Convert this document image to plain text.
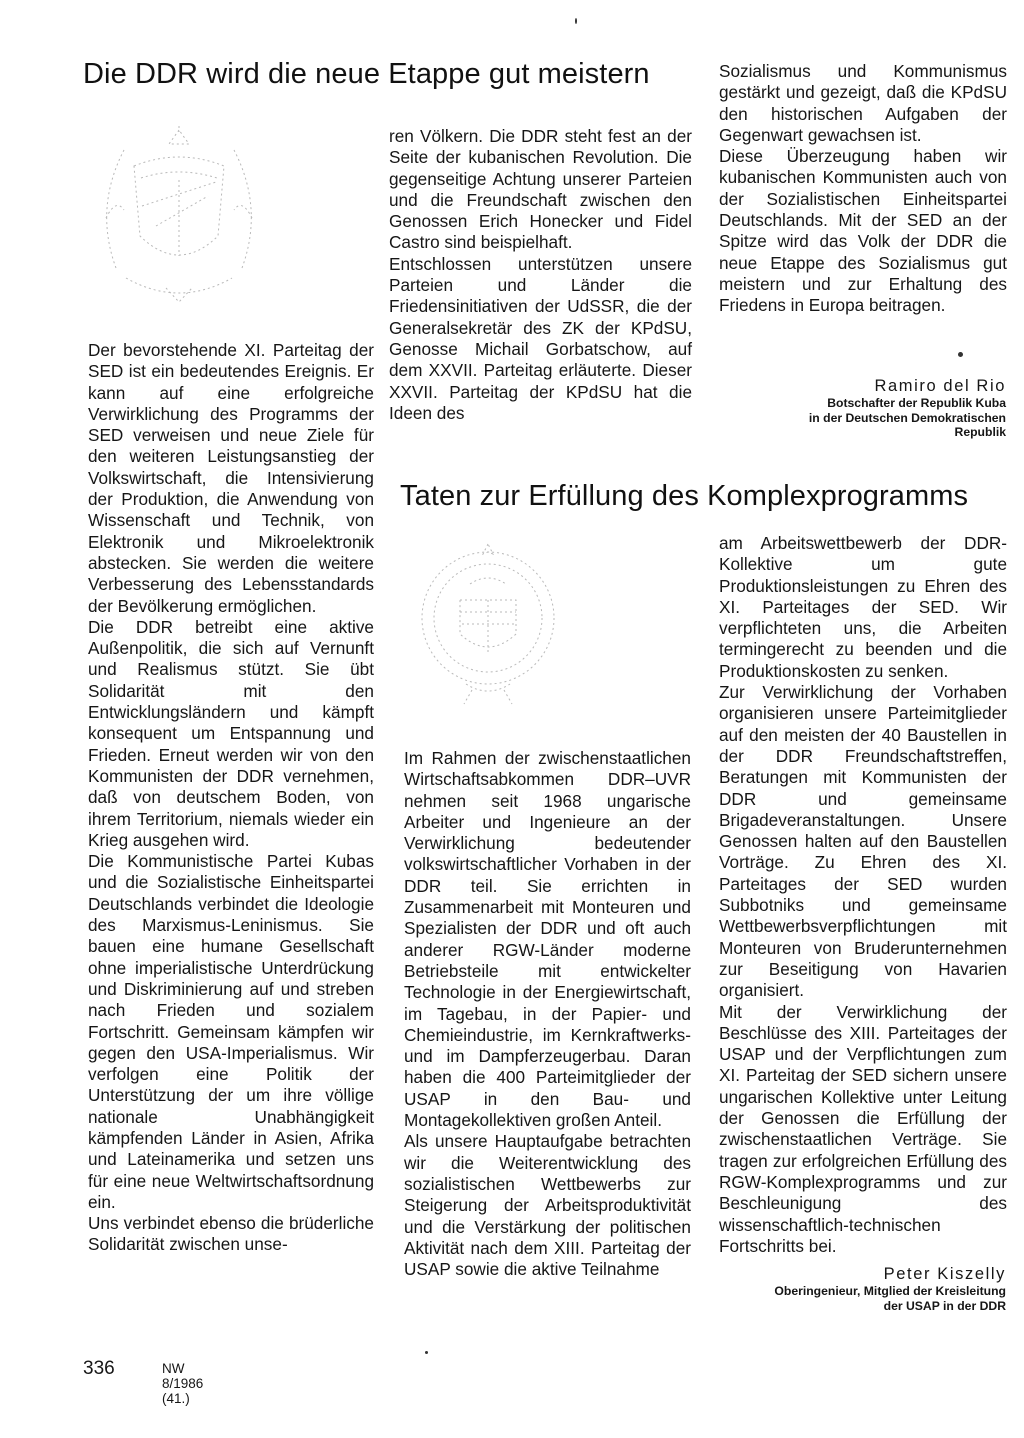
Die DDR wird die neue Etappe gut meistern

Der bevorstehende XI. Parteitag der SED ist ein bedeutendes Ereignis. Er kann auf eine erfolgreiche Verwirklichung des Programms der SED verweisen und neue Ziele für den weiteren Leistungsanstieg der Volkswirtschaft, die Intensivierung der Produktion, die Anwendung von Wissenschaft und Technik, von Elektronik und Mikroelektronik abstecken. Sie werden die weitere Verbesserung des Lebensstandards der Bevölkerung ermöglichen.

Die DDR betreibt eine aktive Außenpolitik, die sich auf Vernunft und Realismus stützt. Sie übt Solidarität mit den Entwicklungsländern und kämpft konsequent um Entspannung und Frieden. Erneut werden wir von den Kommunisten der DDR vernehmen, daß von deutschem Boden, von ihrem Territorium, niemals wieder ein Krieg ausgehen wird.

Die Kommunistische Partei Kubas und die Sozialistische Einheitspartei Deutschlands verbindet die Ideologie des Marxismus-Leninismus. Sie bauen eine humane Gesellschaft ohne imperialistische Unterdrückung und Diskriminierung auf und streben nach Frieden und sozialem Fortschritt. Gemeinsam kämpfen wir gegen den USA-Imperialismus. Wir verfolgen eine Politik der Unterstützung der um ihre völlige nationale Unabhängigkeit kämpfenden Länder in Asien, Afrika und Lateinamerika und setzen uns für eine neue Weltwirtschaftsordnung ein.

Uns verbindet ebenso die brüderliche Solidarität zwischen unse-

ren Völkern. Die DDR steht fest an der Seite der kubanischen Revolution. Die gegenseitige Achtung unserer Parteien und die Freundschaft zwischen den Genossen Erich Honecker und Fidel Castro sind beispielhaft.

Entschlossen unterstützen unsere Parteien und Länder die Friedensinitiativen der UdSSR, die der Generalsekretär des ZK der KPdSU, Genosse Michail Gorbatschow, auf dem XXVII. Parteitag erläuterte. Dieser XXVII. Parteitag der KPdSU hat die Ideen des

Sozialismus und Kommunismus gestärkt und gezeigt, daß die KPdSU den historischen Aufgaben der Gegenwart gewachsen ist.

Diese Überzeugung haben wir kubanischen Kommunisten auch von der Sozialistischen Einheitspartei Deutschlands. Mit der SED an der Spitze wird das Volk der DDR die neue Etappe des Sozialismus gut meistern und zur Erhaltung des Friedens in Europa beitragen.

Ramiro del Rio
Botschafter der Republik Kuba
in der Deutschen Demokratischen
Republik
Taten zur Erfüllung des Komplexprogramms

Im Rahmen der zwischenstaatlichen Wirtschaftsabkommen DDR–UVR nehmen seit 1968 ungarische Arbeiter und Ingenieure an der Verwirklichung bedeutender volkswirtschaftlicher Vorhaben in der DDR teil. Sie errichten in Zusammenarbeit mit Monteuren und Spezialisten der DDR und oft auch anderer RGW-Länder moderne Betriebsteile mit entwickelter Technologie in der Energiewirtschaft, im Tagebau, in der Papier- und Chemieindustrie, im Kernkraftwerks- und im Dampferzeugerbau. Daran haben die 400 Parteimitglieder der USAP in den Bau- und Montagekollektiven großen Anteil.

Als unsere Hauptaufgabe betrachten wir die Weiterentwicklung des sozialistischen Wettbewerbs zur Steigerung der Arbeitsproduktivität und die Verstärkung der politischen Aktivität nach dem XIII. Parteitag der USAP sowie die aktive Teilnahme

am Arbeitswettbewerb der DDR-Kollektive um gute Produktionsleistungen zu Ehren des XI. Parteitages der SED. Wir verpflichteten uns, die Arbeiten termingerecht zu beenden und die Produktionskosten zu senken.

Zur Verwirklichung der Vorhaben organisieren unsere Parteimitglieder auf den meisten der 40 Baustellen in der DDR Freundschaftstreffen, Beratungen mit Kommunisten der DDR und gemeinsame Brigadeveranstaltungen. Unsere Genossen halten auf den Baustellen Vorträge. Zu Ehren des XI. Parteitages der SED wurden Subbotniks und gemeinsame Wettbewerbsverpflichtungen mit Monteuren von Bruderunternehmen zur Beseitigung von Havarien organisiert.

Mit der Verwirklichung der Beschlüsse des XIII. Parteitages der USAP und der Verpflichtungen zum XI. Parteitag der SED sichern unsere ungarischen Kollektive unter Leitung der Genossen die Erfüllung der zwischenstaatlichen Verträge. Sie tragen zur erfolgreichen Erfüllung des RGW-Komplexprogramms und zur Beschleunigung des wissenschaftlich-technischen Fortschritts bei.

Peter Kiszelly
Oberingenieur, Mitglied der Kreisleitung
der USAP in der DDR
336	NW 8/1986 (41.)
